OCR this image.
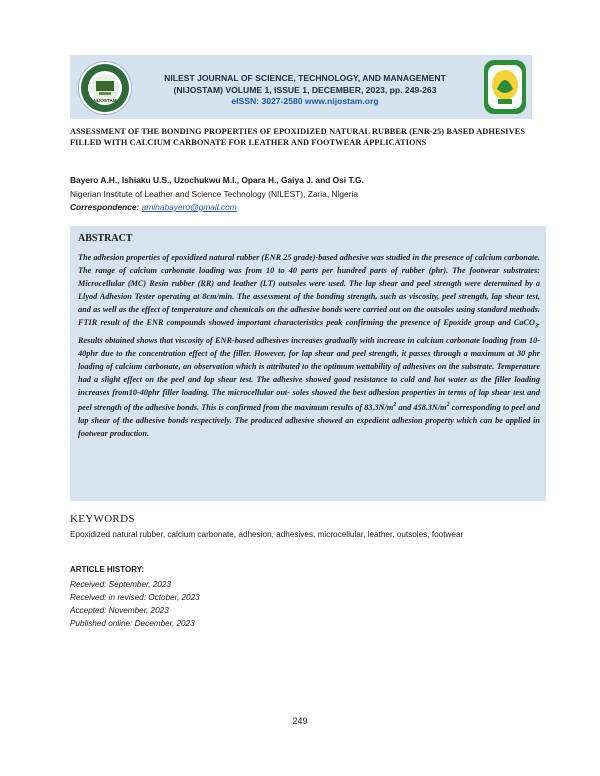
NIJOSTAM
NILEST JOURNAL OF SCIENCE, TECHNOLOGY, AND MANAGEMENT
(NIJOSTAM) VOLUME 1, ISSUE 1, DECEMBER, 2023, pp. 249-263
eISSN: 3027-2580 www.nijostam.org
ASSESSMENT OF THE BONDING PROPERTIES OF EPOXIDIZED NATURAL RUBBER (ENR-25) BASED ADHESIVES FILLED WITH CALCIUM CARBONATE FOR LEATHER AND FOOTWEAR APPLICATIONS
Bayero A.H., Ishiaku U.S., Uzochukwu M.I., Opara H., Gaiya J. and Osi T.G.
Nigerian Institute of Leather and Science Technology (NILEST), Zaria, Nigeria
Correspondence: aminabayero@gmail.com
ABSTRACT
The adhesion properties of epoxidized natural rubber (ENR 25 grade)-based adhesive was studied in the presence of calcium carbonate. The range of calcium carbonate loading was from 10 to 40 parts per hundred parts of rubber (phr). The footwear substrates: Microcellular (MC) Resin rubber (RR) and leather (LT) outsoles were used. The lap shear and peel strength were determined by a Llyod Adhesion Tester operating at 8cm/min. The assessment of the bonding strength, such as viscosity, peel strength, lap shear test, and as well as the effect of temperature and chemicals on the adhesive bonds were carried out on the outsoles using standard methods. FTIR result of the ENR compounds showed important characteristics peak confirming the presence of Epoxide group and CaCO$_3$. Results obtained shows that viscosity of ENR-based adhesives increases gradually with increase in calcium carbonate loading from 10-40phr due to the concentration effect of the filler. However, for lap shear and peel strength, it passes through a maximum at 30 phr loading of calcium carbonate, an observation which is attributed to the optimum wettability of adhesives on the substrate. Temperature had a slight effect on the peel and lap shear test. The adhesive showed good resistance to cold and hot water as the filler loading increases from10-40phr filler loading. The microcellular out- soles showed the best adhesion properties in terms of lap shear test and peel strength of the adhesive bonds. This is confirmed from the maximum results of $83.3N/m^2$ and $458.3N/m^2$ corresponding to peel and lap shear of the adhesive bonds respectively. The produced adhesive showed an expedient adhesion property which can be applied in footwear production.
KEYWORDS
Epoxidized natural rubber, calcium carbonate, adhesion, adhesives, microcellular, leather, outsoles, footwear
ARTICLE HISTORY:
Received: September, 2023
Received: in revised: October, 2023
Accepted: November, 2023
Published online: December, 2023
249
